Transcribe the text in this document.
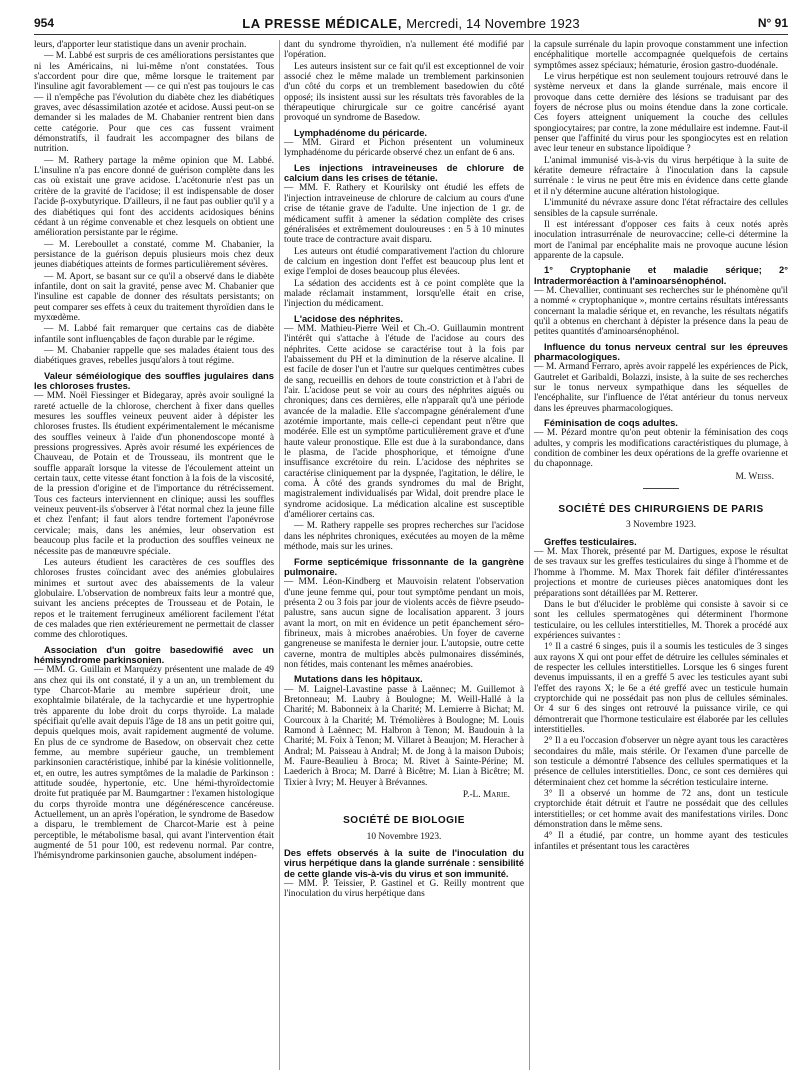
954	LA PRESSE MÉDICALE, Mercredi, 14 Novembre 1923	N° 91

leurs, d'apporter leur statistique dans un avenir prochain.

— M. Labbé est surpris de ces améliorations persistantes que ni les Américains, ni lui-même n'ont constatées. Tous s'accordent pour dire que, même lorsque le traitement par l'insuline agit favorablement — ce qui n'est pas toujours le cas — il n'empêche pas l'évolution du diabète chez les diabétiques graves, avec désassimilation azotée et acidose. Aussi peut-on se demander si les malades de M. Chabanier rentrent bien dans cette catégorie. Pour que ces cas fussent vraiment démonstratifs, il faudrait les accompagner des bilans de nutrition.

— M. Rathery partage la même opinion que M. Labbé. L'insuline n'a pas encore donné de guérison complète dans les cas où existait une grave acidose. L'acétonurie n'est pas un critère de la gravité de l'acidose; il est indispensable de doser l'acide β-oxybutyrique. D'ailleurs, il ne faut pas oublier qu'il y a des diabétiques qui font des accidents acidosiques bénins cédant à un régime convenable et chez lesquels on obtient une amélioration persistante par le régime.

— M. Lereboullet a constaté, comme M. Chabanier, la persistance de la guérison depuis plusieurs mois chez deux jeunes diabétiques atteints de formes particulièrement sévères.

— M. Aport, se basant sur ce qu'il a observé dans le diabète infantile, dont on sait la gravité, pense avec M. Chabanier que l'insuline est capable de donner des résultats persistants; on peut comparer ses effets à ceux du traitement thyroïdien dans le myxœdème.

— M. Labbé fait remarquer que certains cas de diabète infantile sont influençables de façon durable par le régime.

— M. Chabanier rappelle que ses malades étaient tous des diabétiques graves, rebelles jusqu'alors à tout régime.

Valeur séméiologique des souffles jugulaires dans les chloroses frustes.

— MM. Noël Fiessinger et Bidegaray, après avoir souligné la rareté actuelle de la chlorose, cherchent à fixer dans quelles mesures les souffles veineux peuvent aider à dépister les chloroses frustes. Ils étudient expérimentalement le mécanisme des souffles veineux à l'aide d'un phonendoscope monté à pressions progressives. Après avoir résumé les expériences de Chauveau, de Potain et de Trousseau, ils montrent que le souffle apparaît lorsque la vitesse de l'écoulement atteint un certain taux, cette vitesse étant fonction à la fois de la viscosité, de la pression d'origine et de l'importance du rétrécissement. Tous ces facteurs interviennent en clinique; aussi les souffles veineux peuvent-ils s'observer à l'état normal chez la jeune fille et chez l'enfant; il faut alors tendre fortement l'aponévrose cervicale; mais, dans les anémies, leur observation est beaucoup plus facile et la production des souffles veineux ne nécessite pas de manœuvre spéciale.

Les auteurs étudient les caractères de ces souffles des chloroses frustes coïncidant avec des anémies globulaires minimes et surtout avec des abaissements de la valeur globulaire. L'observation de nombreux faits leur a montré que, suivant les anciens préceptes de Trousseau et de Potain, le repos et le traitement ferrugineux améliorent facilement l'état de ces malades que rien extérieurement ne permettait de classer comme des chlorotiques.

Association d'un goitre basedowifié avec un hémisyndrome parkinsonien.

— MM. G. Guillain et Marquézy présentent une malade de 49 ans chez qui ils ont constaté, il y a un an, un tremblement du type Charcot-Marie au membre supérieur droit, une exophtalmie bilatérale, de la tachycardie et une hypertrophie très apparente du lobe droit du corps thyroïde. La malade spécifiait qu'elle avait depuis l'âge de 18 ans un petit goitre qui, depuis quelques mois, avait rapidement augmenté de volume. En plus de ce syndrome de Basedow, on observait chez cette femme, au membre supérieur gauche, un tremblement parkinsonien caractéristique, inhibé par la kinésie volitionnelle, et, en outre, les autres symptômes de la maladie de Parkinson : attitude soudée, hypertonie, etc. Une hémi-thyroïdectomie droite fut pratiquée par M. Baumgartner : l'examen histologique du corps thyroïde montra une dégénérescence cancéreuse. Actuellement, un an après l'opération, le syndrome de Basedow a disparu, le tremblement de Charcot-Marie est à peine perceptible, le métabolisme basal, qui avant l'intervention était augmenté de 51 pour 100, est redevenu normal. Par contre, l'hémisyndrome parkinsonien gauche, absolument indépen-

dant du syndrome thyroïdien, n'a nullement été modifié par l'opération.

Les auteurs insistent sur ce fait qu'il est exceptionnel de voir associé chez le même malade un tremblement parkinsonien d'un côté du corps et un tremblement basedowien du côté opposé; ils insistent aussi sur les résultats très favorables de la thérapeutique chirurgicale sur ce goitre cancérisé ayant provoqué un syndrome de Basedow.

Lymphadénome du péricarde.

— MM. Girard et Pichon présentent un volumineux lymphadénome du péricarde observé chez un enfant de 6 ans.

Les injections intraveineuses de chlorure de calcium dans les crises de tétanie.

— MM. F. Rathery et Kourilsky ont étudié les effets de l'injection intraveineuse de chlorure de calcium au cours d'une crise de tétanie grave de l'adulte. Une injection de 1 gr. de médicament suffit à amener la sédation complète des crises généralisées et extrêmement douloureuses : en 5 à 10 minutes toute trace de contracture avait disparu.

Les auteurs ont étudié comparativement l'action du chlorure de calcium en ingestion dont l'effet est beaucoup plus lent et exige l'emploi de doses beaucoup plus élevées.

La sédation des accidents est à ce point complète que la malade réclamait instamment, lorsqu'elle était en crise, l'injection du médicament.

L'acidose des néphrites.

— MM. Mathieu-Pierre Weil et Ch.-O. Guillaumin montrent l'intérêt qui s'attache à l'étude de l'acidose au cours des néphrites. Cette acidose se caractérise tout à la fois par l'abaissement du PH et la diminution de la réserve alcaline. Il est facile de doser l'un et l'autre sur quelques centimètres cubes de sang, recueillis en dehors de toute constriction et à l'abri de l'air. L'acidose peut se voir au cours des néphrites aiguës ou chroniques; dans ces dernières, elle n'apparaît qu'à une période avancée de la maladie. Elle s'accompagne généralement d'une azotémie importante, mais celle-ci cependant peut n'être que modérée. Elle est un symptôme particulièrement grave et d'une haute valeur pronostique. Elle est due à la surabondance, dans le plasma, de l'acide phosphorique, et témoigne d'une insuffisance excrétoire du rein. L'acidose des néphrites se caractérise cliniquement par la dyspnée, l'agitation, le délire, le coma. À côté des grands syndromes du mal de Bright, magistralement individualisés par Widal, doit prendre place le syndrome acidosique. La médication alcaline est susceptible d'améliorer certains cas.

— M. Rathery rappelle ses propres recherches sur l'acidose dans les néphrites chroniques, exécutées au moyen de la même méthode, mais sur les urines.

Forme septicémique frissonnante de la gangrène pulmonaire.

— MM. Léon-Kindberg et Mauvoisin relatent l'observation d'une jeune femme qui, pour tout symptôme pendant un mois, présenta 2 ou 3 fois par jour de violents accès de fièvre pseudo-palustre, sans aucun signe de localisation apparent. 3 jours avant la mort, on mit en évidence un petit épanchement séro-fibrineux, mais à microbes anaérobies. Un foyer de caverne gangreneuse se manifesta le dernier jour. L'autopsie, outre cette caverne, montra de multiples abcès pulmonaires disséminés, non fétides, mais contenant les mêmes anaérobies.

Mutations dans les hôpitaux.

— M. Laignel-Lavastine passe à Laënnec; M. Guillemot à Bretonneau; M. Laubry à Boulogne; M. Weill-Hallé à la Charité; M. Babonneix à la Charité; M. Lemierre à Bichat; M. Courcoux à la Charité; M. Trémolières à Boulogne; M. Louis Ramond à Laënnec; M. Halbron à Tenon; M. Baudouin à la Charité; M. Foix à Tenon; M. Villaret à Beaujon; M. Heracher à Andral; M. Paisseau à Andral; M. de Jong à la maison Dubois; M. Faure-Beaulieu à Broca; M. Rivet à Sainte-Périne; M. Laederich à Broca; M. Darré à Bicêtre; M. Lian à Bicêtre; M. Tixier à Ivry; M. Heuyer à Brévannes.

P.-L. Marie.
SOCIÉTÉ DE BIOLOGIE
10 Novembre 1923.
Des effets observés à la suite de l'inoculation du virus herpétique dans la glande surrénale : sensibilité de cette glande vis-à-vis du virus et son immunité.

— MM. P. Teissier, P. Gastinel et G. Reilly montrent que l'inoculation du virus herpétique dans

la capsule surrénale du lapin provoque constamment une infection encéphalitique mortelle accompagnée quelquefois de certains symptômes assez spéciaux; hématurie, érosion gastro-duodénale.

Le virus herpétique est non seulement toujours retrouvé dans le système nerveux et dans la glande surrénale, mais encore il provoque dans cette dernière des lésions se traduisant par des foyers de nécrose plus ou moins étendue dans la zone corticale. Ces foyers atteignent uniquement la couche des cellules spongiocytaires; par contre, la zone médullaire est indemne. Faut-il penser que l'affinité du virus pour les spongiocytes est en relation avec leur teneur en substance lipoïdique ?

L'animal immunisé vis-à-vis du virus herpétique à la suite de kératite demeure réfractaire à l'inoculation dans la capsule surrénale : le virus ne peut être mis en évidence dans cette glande et il n'y détermine aucune altération histologique.

L'immunité du névraxe assure donc l'état réfractaire des cellules sensibles de la capsule surrénale.

Il est intéressant d'opposer ces faits à ceux notés après inoculation intrasurrénale de neurovaccine; celle-ci détermine la mort de l'animal par encéphalite mais ne provoque aucune lésion apparente de la capsule.

1° Cryptophanie et maladie sérique; 2° Intradermoréaction à l'aminoarsénophénol.

— M. Chevallier, continuant ses recherches sur le phénomène qu'il a nommé « cryptophanique », montre certains résultats intéressants concernant la maladie sérique et, en revanche, les résultats négatifs qu'il a obtenus en cherchant à dépister la présence dans la peau de petites quantités d'aminoarsénophénol.

Influence du tonus nerveux central sur les épreuves pharmacologiques.

— M. Armand Ferraro, après avoir rappelé les expériences de Pick, Gautrelet et Garibaldi, Bolazzi, insiste, à la suite de ses recherches sur le tonus nerveux sympathique dans les séquelles de l'encéphalite, sur l'influence de l'état antérieur du tonus nerveux dans les épreuves pharmacologiques.

Féminisation de coqs adultes.

— M. Pézard montre qu'on peut obtenir la féminisation des coqs adultes, y compris les modifications caractéristiques du plumage, à condition de combiner les deux opérations de la greffe ovarienne et du chaponnage.

M. Weiss.
SOCIÉTÉ DES CHIRURGIENS DE PARIS
3 Novembre 1923.
Greffes testiculaires.

— M. Max Thorek, présenté par M. Dartigues, expose le résultat de ses travaux sur les greffes testiculaires du singe à l'homme et de l'homme à l'homme. M. Max Thorek fait défiler d'intéressantes projections et montre de curieuses pièces anatomiques dont les préparations sont détaillées par M. Retterer.

Dans le but d'élucider le problème qui consiste à savoir si ce sont les cellules spermatogènes qui déterminent l'hormone testiculaire, ou les cellules interstitielles, M. Thorek a procédé aux expériences suivantes :

1° Il a castré 6 singes, puis il a soumis les testicules de 3 singes aux rayons X qui ont pour effet de détruire les cellules séminales et de respecter les cellules interstitielles. Lorsque les 6 singes furent devenus impuissants, il en a greffé 5 avec les testicules ayant subi l'effet des rayons X; le 6e a été greffé avec un testicule humain cryptorchide qui ne possédait pas non plus de cellules séminales. Or 4 sur 6 des singes ont retrouvé la puissance virile, ce qui démontrerait que l'hormone testiculaire est élaborée par les cellules interstitielles.

2° Il a eu l'occasion d'observer un nègre ayant tous les caractères secondaires du mâle, mais stérile. Or l'examen d'une parcelle de son testicule a démontré l'absence des cellules spermatiques et la présence de cellules interstitielles. Donc, ce sont ces dernières qui déterminaient chez cet homme la sécrétion testiculaire interne.

3° Il a observé un homme de 72 ans, dont un testicule cryptorchide était détruit et l'autre ne possédait que des cellules interstitielles; or cet homme avait des manifestations viriles. Donc démonstration dans le même sens.

4° Il a étudié, par contre, un homme ayant des testicules infantiles et présentant tous les caractères
